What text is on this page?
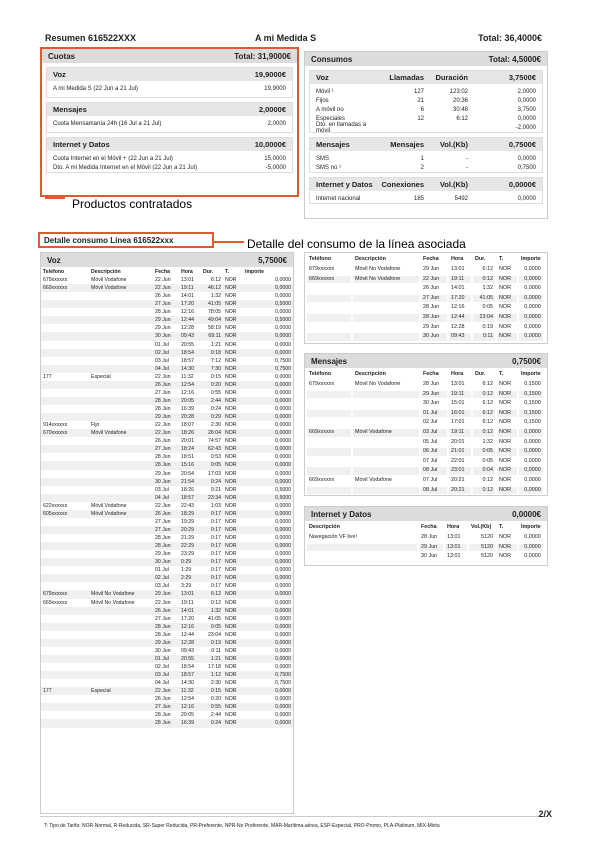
Resumen 616522XXX	A mi Medida S	Total: 36,4000€
Cuotas	Total: 31,9000€
Voz	19,9000€
A mi Medida S (22 Jun a 21 Jul)	19,9000
Mensajes	2,0000€
Cuota Mensamanía 24h (16 Jul a 21 Jul)	2,0000
Internet y Datos	10,0000€
Cuota Internet en el Móvil + (22 Jun a 21 Jul)	15,0000
Dto. A mi Medida Internet en el Móvil (22 Jun a 21 Jul)	-5,0000
Consumos	Total: 4,5000€
Voz	Llamadas	Duración	3,7500€
Móvil ¹	127	123:02	2,0000
Fijos	21	20:36	0,0000
A móvil no	6	30:48	3,7500
Especiales	12	6:12	0,0000
Dto. en llamadas a móvil	-2,0000
Mensajes	Mensajes	Vol.(Kb)	0,7500€
SMS	1	-	0,0000
SMS no ¹	2	-	0,7500
Internet y Datos	Conexiones	Vol.(Kb)	0,0000€
Internet nacional	185	5492	0,0000
Productos contratados
Detalle consumo Línea 616522xxx	Detalle del consumo de la línea asociada
Voz	5,7500€
Teléfono	Descripción	Fecha	Hora	Dur.	T.	Importe
679xxxxxx	Móvil Vodafone	22 Jun	13:01	6:12	NOR	0,0000
669xxxxxx	Móvil Vodafone	22 Jun	19:11	46:12	NOR	0,0000
		26 Jun	14:01	1:32	NOR	0,0000
		27 Jun	17:20	41:05	NOR	0,5000
		28 Jun	12:16	78:05	NOR	0,0000
		29 Jun	12:44	49:04	NOR	0,5000
		29 Jun	12:28	58:19	NOR	0,0000
		30 Jun	09:43	69:11	NOR	0,0000
		01 Jul	20:55	1:21	NOR	0,0000
		02 Jul	18:54	0:18	NOR	0,0000
		03 Jul	18:57	7:12	NOR	0,7500
		04 Jul	14:30	7:30	NOR	0,7500
177	Especial	22 Jun	11:32	0:15	NOR	0,0000
		26 Jun	12:54	0:20	NOR	0,0000
		27 Jun	12:16	0:55	NOR	0,0000
		28 Jun	20:05	2:44	NOR	0,0000
		28 Jun	16:39	0:24	NOR	0,0000
		29 Jun	20:28	0:29	NOR	0,0000
914xxxxxx	Fijo	22 Jun	18:07	2:30	NOR	0,0000
670xxxxxx	Móvil Vodafone	22 Jun	18:26	26:04	NOR	0,0000
		26 Jun	20:01	74:57	NOR	0,0000
		27 Jun	18:24	62:43	NOR	0,0000
		28 Jun	18:51	0:53	NOR	0,0000
		28 Jun	15:16	0:05	NOR	0,0000
		29 Jun	20:54	17:03	NOR	0,0000
		30 Jun	21:54	0:24	NOR	0,0000
		03 Jul	18:26	0:21	NOR	0,5000
		04 Jul	18:57	23:34	NOR	0,5000
622xxxxxx	Móvil Vodafone	22 Jun	22:43	1:03	NOR	0,0000
605xxxxxx	Móvil Vodafone	26 Jun	18:29	0:17	NOR	0,0000
		27 Jun	19:29	0:17	NOR	0,0000
		27 Jun	20:29	0:17	NOR	0,0000
		28 Jun	21:29	0:17	NOR	0,0000
		28 Jun	22:29	0:17	NOR	0,0000
		29 Jun	23:29	0:17	NOR	0,0000
		30 Jun	0:29	0:17	NOR	0,0000
		01 Jul	1:29	0:17	NOR	0,0000
		02 Jul	2:29	0:17	NOR	0,0000
		03 Jul	3:29	0:17	NOR	0,0000
679xxxxxx	Móvil No Vodafone	29 Jun	13:01	6:12	NOR	0,0000
669xxxxxx	Móvil No Vodafone	22 Jun	19:11	0:12	NOR	0,0000
		26 Jun	14:01	1:32	NOR	0,0000
		27 Jun	17:20	41:05	NOR	0,0000
		28 Jun	12:16	0:05	NOR	0,0000
		28 Jun	12:44	23:04	NOR	0,0000
		29 Jun	12:28	0:19	NOR	0,0000
		30 Jun	09:43	0:11	NOR	0,0000
		01 Jul	20:55	1:21	NOR	0,0000
		02 Jul	18:54	17:18	NOR	0,0000
		03 Jul	18:57	1:12	NOR	0,7500
		04 Jul	14:30	2:30	NOR	0,7500
177	Especial	22 Jun	11:32	0:15	NOR	0,0000
		26 Jun	12:54	0:20	NOR	0,0000
		27 Jun	12:16	0:55	NOR	0,0000
		28 Jun	20:05	2:44	NOR	0,0000
		28 Jun	16:39	0:24	NOR	0,0000
Teléfono	Descripción	Fecha	Hora	Dur.	T.	Importe
679xxxxxx	Móvil No Vodafone	29 Jun	13:01	6:12	NOR	0,0000
669xxxxxx	Móvil No Vodafone	22 Jun	19:11	0:12	NOR	0,0000
		26 Jun	14:01	1:32	NOR	0,0000
		27 Jun	17:20	41:05	NOR	0,0000
		28 Jun	12:16	0:05	NOR	0,0000
		28 Jun	12:44	23:04	NOR	0,0000
		29 Jun	12:28	0:19	NOR	0,0000
		30 Jun	09:43	0:11	NOR	0,0000
Mensajes	0,7500€
Teléfono	Descripción	Fecha	Hora	Dur.	T.	Importe
679xxxxxx	Móvil No Vodafone	28 Jun	13:01	6:12	NOR	0,1500
		29 Jun	19:11	0:12	NOR	0,1500
		30 Jun	15:01	6:12	NOR	0,1500
		01 Jul	16:01	6:12	NOR	0,1500
		02 Jul	17:01	6:12	NOR	0,1500
669xxxxxx	Móvil Vodafone	03 Jul	19:11	0:12	NOR	0,0000
		05 Jul	20:01	1:32	NOR	0,0000
		06 Jul	21:01	0:05	NOR	0,0000
		07 Jul	22:01	0:05	NOR	0,0000
		08 Jul	23:01	0:04	NOR	0,0000
669xxxxxx	Móvil Vodafone	07 Jul	20:21	0:12	NOR	0,0000
		08 Jul	20:21	0:12	NOR	0,0000
Internet y Datos	0,0000€
Descripción	Fecha	Hora	Vol.(Kb)	T.	Importe
Navegación VF live!	28 Jun	13:01	5120	NOR	0,0000
	29 Jun	13:01	5120	NOR	0,0000
	30 Jun	13:01	5120	NOR	0,0000
T: Tipo de Tarifa: NOR-Normal, R-Reducida, SR-Super Reducida, PR-Preferente, NPR-No Preferente, MAR-Marítima-aérea, ESP-Especial, PRO-Promo, PLA-Platinum, MIX-Mixta
2/X
